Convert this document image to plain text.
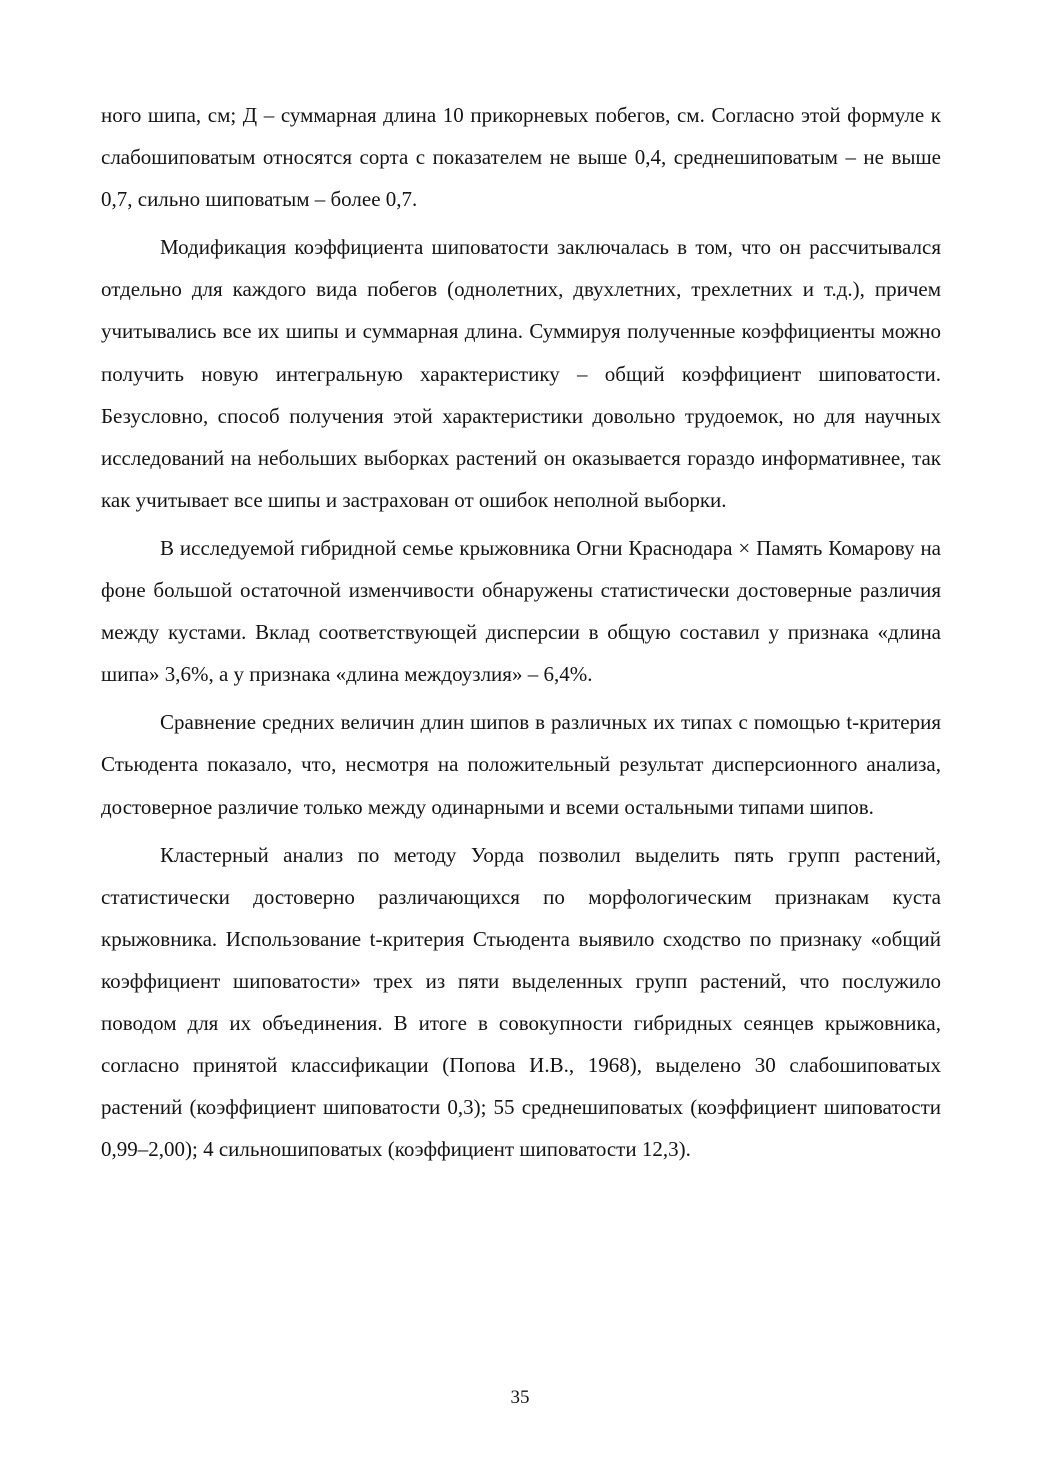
ного шипа, см; Д – суммарная длина 10 прикорневых побегов, см. Согласно этой формуле к слабошиповатым относятся сорта с показателем не выше 0,4, среднешиповатым – не выше 0,7, сильно шиповатым – более 0,7.

Модификация коэффициента шиповатости заключалась в том, что он рассчитывался отдельно для каждого вида побегов (однолетних, двухлетних, трехлетних и т.д.), причем учитывались все их шипы и суммарная длина. Суммируя полученные коэффициенты можно получить новую интегральную характеристику – общий коэффициент шиповатости. Безусловно, способ получения этой характеристики довольно трудоемок, но для научных исследований на небольших выборках растений он оказывается гораздо информативнее, так как учитывает все шипы и застрахован от ошибок неполной выборки.

В исследуемой гибридной семье крыжовника Огни Краснодара × Память Комарову на фоне большой остаточной изменчивости обнаружены статистически достоверные различия между кустами. Вклад соответствующей дисперсии в общую составил у признака «длина шипа» 3,6%, а у признака «длина междоузлия» – 6,4%.

Сравнение средних величин длин шипов в различных их типах с помощью t-критерия Стьюдента показало, что, несмотря на положительный результат дисперсионного анализа, достоверное различие только между одинарными и всеми остальными типами шипов.

Кластерный анализ по методу Уорда позволил выделить пять групп растений, статистически достоверно различающихся по морфологическим признакам куста крыжовника. Использование t-критерия Стьюдента выявило сходство по признаку «общий коэффициент шиповатости» трех из пяти выделенных групп растений, что послужило поводом для их объединения. В итоге в совокупности гибридных сеянцев крыжовника, согласно принятой классификации (Попова И.В., 1968), выделено 30 слабошиповатых растений (коэффициент шиповатости 0,3); 55 среднешиповатых (коэффициент шиповатости 0,99–2,00); 4 сильношиповатых (коэффициент шиповатости 12,3).

35
